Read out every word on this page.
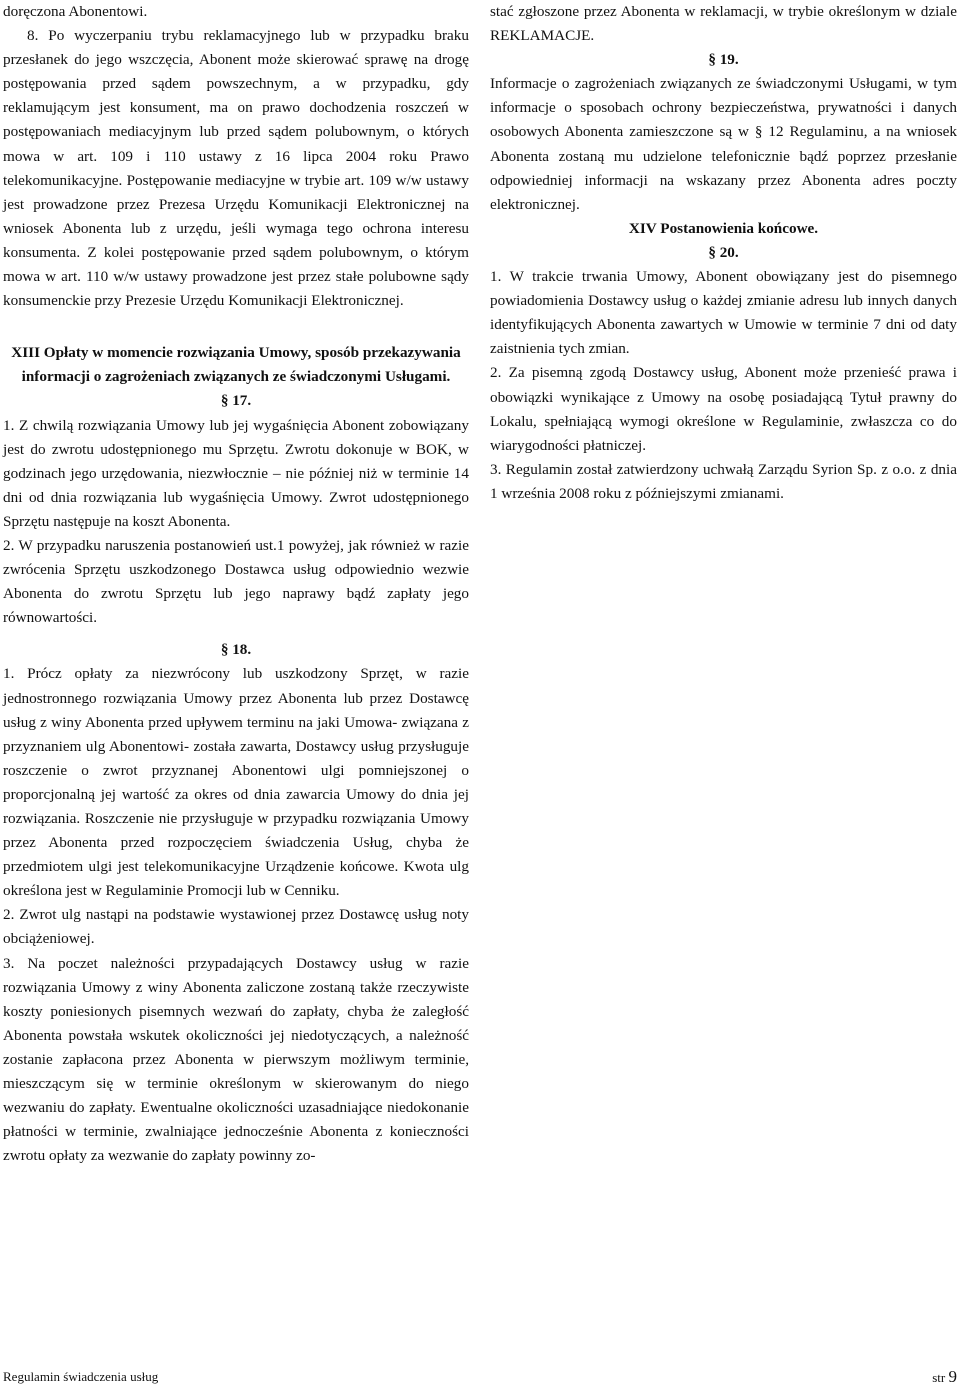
doręczona Abonentowi.

8. Po wyczerpaniu trybu reklamacyjnego lub w przypadku braku przesłanek do jego wszczęcia, Abonent może skierować sprawę na drogę postępowania przed sądem powszechnym, a w przypadku, gdy reklamującym jest konsument, ma on prawo dochodzenia roszczeń w postępowaniach mediacyjnym lub przed sądem polubownym, o których mowa w art. 109 i 110 ustawy z 16 lipca 2004 roku Prawo telekomunikacyjne. Postępowanie mediacyjne w trybie art. 109 w/w ustawy jest prowadzone przez Prezesa Urzędu Komunikacji Elektronicznej na wniosek Abonenta lub z urzędu, jeśli wymaga tego ochrona interesu konsumenta. Z kolei postępowanie przed sądem polubownym, o którym mowa w art. 110 w/w ustawy prowadzone jest przez stałe polubowne sądy konsumenckie przy Prezesie Urzędu Komunikacji Elektronicznej.

XIII Opłaty w momencie rozwiązania Umowy, sposób przekazywania informacji o zagrożeniach związanych ze świadczonymi Usługami.

§ 17.

1. Z chwilą rozwiązania Umowy lub jej wygaśnięcia Abonent zobowiązany jest do zwrotu udostępnionego mu Sprzętu. Zwrotu dokonuje w BOK, w godzinach jego urzędowania, niezwłocznie – nie później niż w terminie 14 dni od dnia rozwiązania lub wygaśnięcia Umowy. Zwrot udostępnionego Sprzętu następuje na koszt Abonenta.

2. W przypadku naruszenia postanowień ust.1 powyżej, jak również w razie zwrócenia Sprzętu uszkodzonego Dostawca usług odpowiednio wezwie Abonenta do zwrotu Sprzętu lub jego naprawy bądź zapłaty jego równowartości.

§ 18.

1. Prócz opłaty za niezwrócony lub uszkodzony Sprzęt, w razie jednostronnego rozwiązania Umowy przez Abonenta lub przez Dostawcę usług z winy Abonenta przed upływem terminu na jaki Umowa- związana z przyznaniem ulg Abonentowi- została zawarta, Dostawcy usług przysługuje roszczenie o zwrot przyznanej Abonentowi ulgi pomniejszonej o proporcjonalną jej wartość za okres od dnia zawarcia Umowy do dnia jej rozwiązania. Roszczenie nie przysługuje w przypadku rozwiązania Umowy przez Abonenta przed rozpoczęciem świadczenia Usług, chyba że przedmiotem ulgi jest telekomunikacyjne Urządzenie końcowe. Kwota ulg określona jest w Regulaminie Promocji lub w Cenniku.

2. Zwrot ulg nastąpi na podstawie wystawionej przez Dostawcę usług noty obciążeniowej.

3. Na poczet należności przypadających Dostawcy usług w razie rozwiązania Umowy z winy Abonenta zaliczone zostaną także rzeczywiste koszty poniesionych pisemnych wezwań do zapłaty, chyba że zaległość Abonenta powstała wskutek okoliczności jej niedotyczących, a należność zostanie zapłacona przez Abonenta w pierwszym możliwym terminie, mieszczącym się w terminie określonym w skierowanym do niego wezwaniu do zapłaty. Ewentualne okoliczności uzasadniające niedokonanie płatności w terminie, zwalniające jednocześnie Abonenta z konieczności zwrotu opłaty za wezwanie do zapłaty powinny zo-

stać zgłoszone przez Abonenta w reklamacji, w trybie określonym w dziale REKLAMACJE.

§ 19.

Informacje o zagrożeniach związanych ze świadczonymi Usługami, w tym informacje o sposobach ochrony bezpieczeństwa, prywatności i danych osobowych Abonenta zamieszczone są w § 12 Regulaminu, a na wniosek Abonenta zostaną mu udzielone telefonicznie bądź poprzez przesłanie odpowiedniej informacji na wskazany przez Abonenta adres poczty elektronicznej.

XIV Postanowienia końcowe.

§ 20.

1. W trakcie trwania Umowy, Abonent obowiązany jest do pisemnego powiadomienia Dostawcy usług o każdej zmianie adresu lub innych danych identyfikujących Abonenta zawartych w Umowie w terminie 7 dni od daty zaistnienia tych zmian.

2. Za pisemną zgodą Dostawcy usług, Abonent może przenieść prawa i obowiązki wynikające z Umowy na osobę posiadającą Tytuł prawny do Lokalu, spełniającą wymogi określone w Regulaminie, zwłaszcza co do wiarygodności płatniczej.

3. Regulamin został zatwierdzony uchwałą Zarządu Syrion Sp. z o.o. z dnia 1 września 2008 roku z późniejszymi zmianami.

Regulamin świadczenia usług	str 9
